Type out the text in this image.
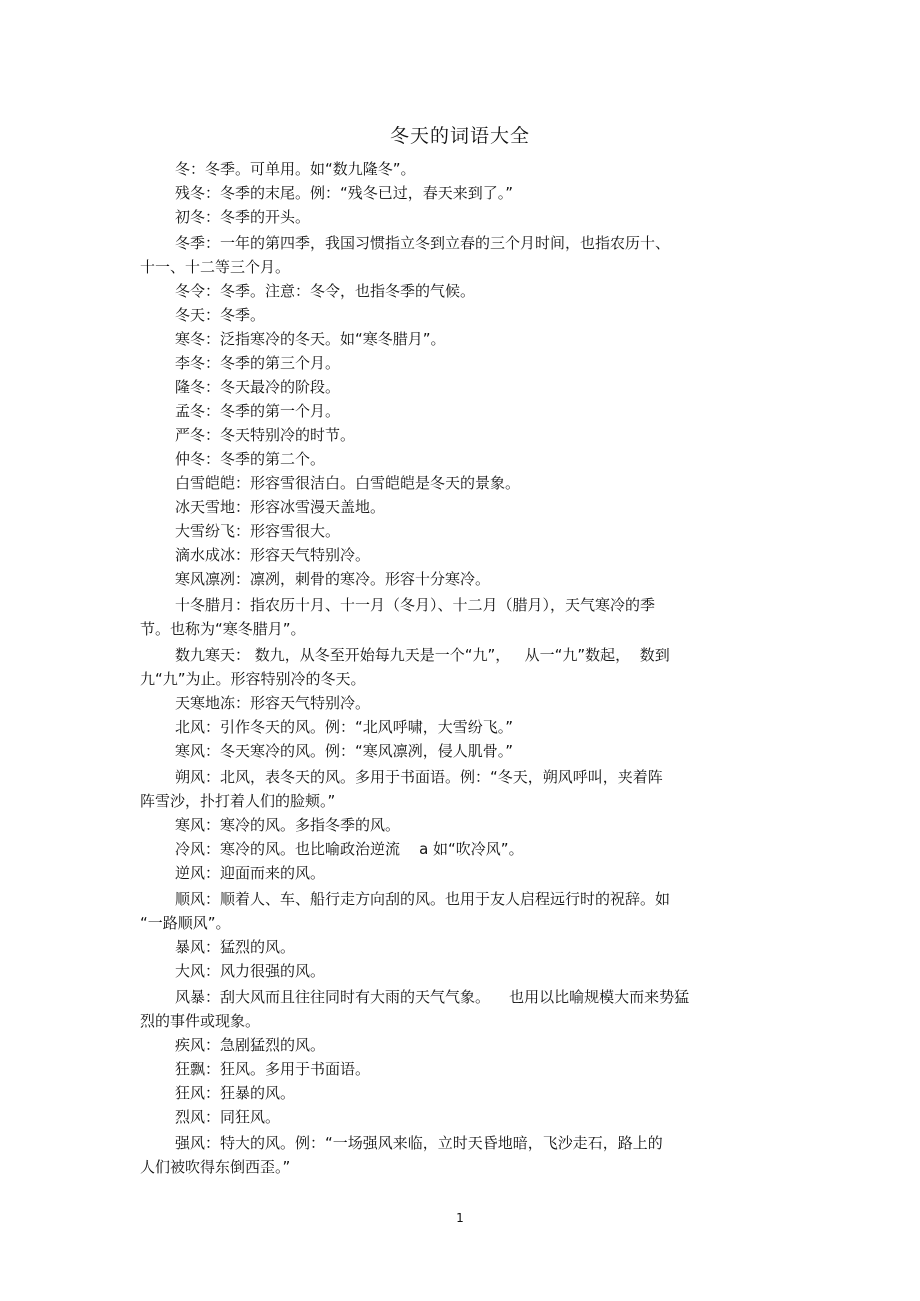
冬天的词语大全
冬：冬季。可单用。如“数九隆冬”。
残冬：冬季的末尾。例：“残冬已过，春天来到了。”
初冬：冬季的开头。
冬季：一年的第四季，我国习惯指立冬到立春的三个月时间，也指农历十、
十一、十二等三个月。
冬令：冬季。注意：冬令，也指冬季的气候。
冬天：冬季。
寒冬：泛指寒冷的冬天。如“寒冬腊月”。
李冬：冬季的第三个月。
隆冬：冬天最冷的阶段。
孟冬：冬季的第一个月。
严冬：冬天特别冷的时节。
仲冬：冬季的第二个。
白雪皑皑：形容雪很洁白。白雪皑皑是冬天的景象。
冰天雪地：形容冰雪漫天盖地。
大雪纷飞：形容雪很大。
滴水成冰：形容天气特别冷。
寒风凛冽：凛冽，刺骨的寒冷。形容十分寒冷。
十冬腊月：指农历十月、十一月（冬月）、十二月（腊月），天气寒冷的季
节。也称为“寒冬腊月”。
数九寒天： 数九，从冬至开始每九天是一个“九”，   从一“九”数起，  数到
九“九”为止。形容特别冷的冬天。
天寒地冻：形容天气特别冷。
北风：引作冬天的风。例：“北风呼啸，大雪纷飞。”
寒风：冬天寒冷的风。例：“寒风凛冽，侵人肌骨。”
朔风：北风，表冬天的风。多用于书面语。例：“冬天，朔风呼叫，夹着阵
阵雪沙，扑打着人们的脸颊。”
寒风：寒冷的风。多指冬季的风。
冷风：寒冷的风。也比喻政治逆流    a 如“吹冷风”。
逆风：迎面而来的风。
顺风：顺着人、车、船行走方向刮的风。也用于友人启程远行时的祝辞。如
“一路顺风”。
暴风：猛烈的风。
大风：风力很强的风。
风暴：刮大风而且往往同时有大雨的天气气象。    也用以比喻规模大而来势猛
烈的事件或现象。
疾风：急剧猛烈的风。
狂飘：狂风。多用于书面语。
狂风：狂暴的风。
烈风：同狂风。
强风：特大的风。例：“一场强风来临，立时天昏地暗，飞沙走石，路上的
人们被吹得东倒西歪。”
1
